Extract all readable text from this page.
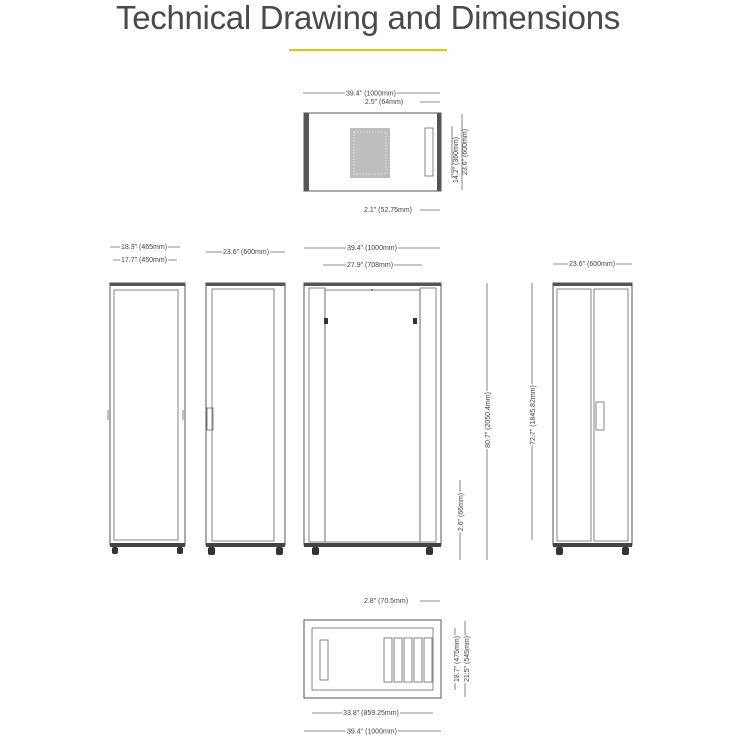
Technical Drawing and Dimensions
39.4" (1000mm)
2.5" (64mm)
14.2" (360mm) 23.6" (600mm)
2.1" (52.75mm)
18.3" (465mm)
17.7" (450mm)
23.6" (600mm)
39.4" (1000mm)
27.9" (708mm)
80.7" (2050.4mm)
2.6" (66mm)
23.6" (600mm)
72.7" (1845.82mm)
2.8" (70.5mm)
18.7" (475mm) 21.5" (545mm)
33.8" (859.25mm)
39.4" (1000mm)
